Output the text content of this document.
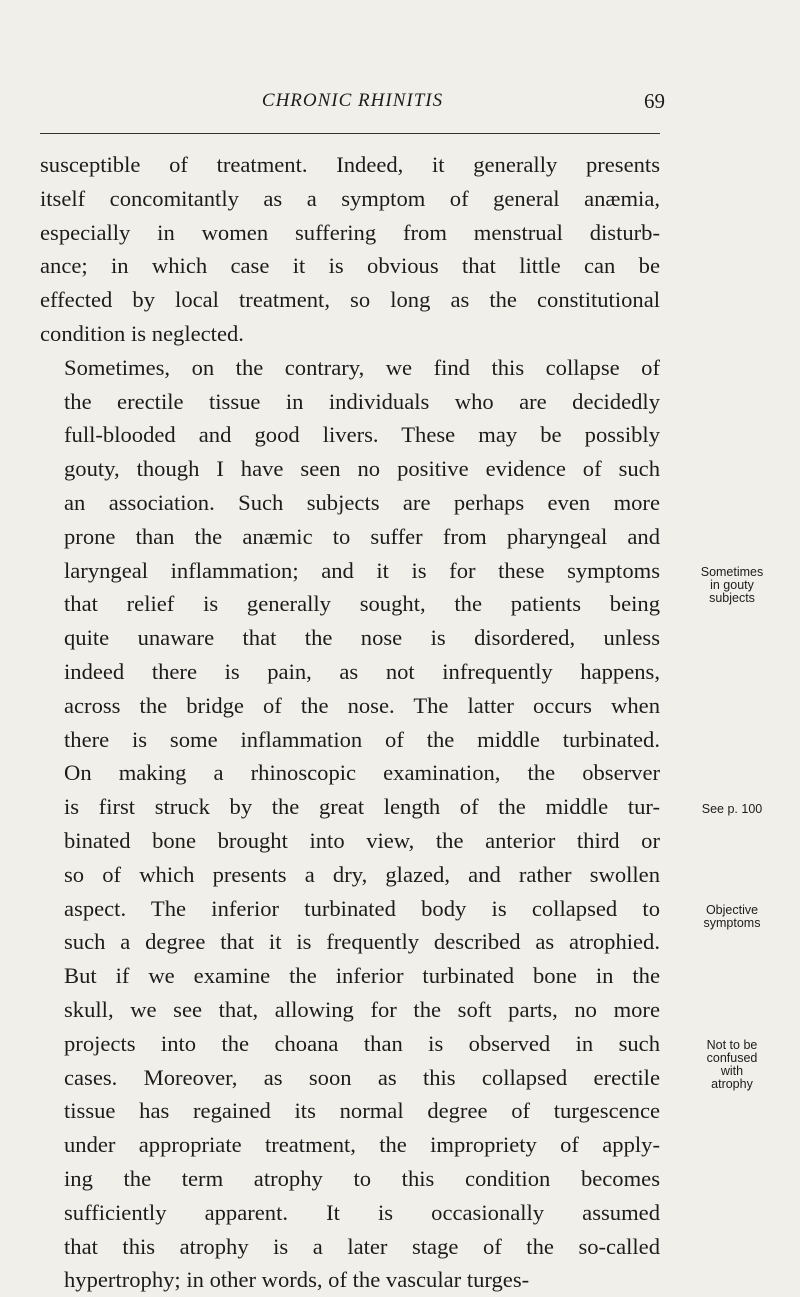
CHRONIC RHINITIS	69

susceptible of treatment. Indeed, it generally presents
itself concomitantly as a symptom of general anæmia,
especially in women suffering from menstrual disturb-
ance; in which case it is obvious that little can be
effected by local treatment, so long as the constitutional
condition is neglected.

Sometimes, on the contrary, we find this collapse of
the erectile tissue in individuals who are decidedly
full-blooded and good livers. These may be possibly
gouty, though I have seen no positive evidence of such
an association. Such subjects are perhaps even more
prone than the anæmic to suffer from pharyngeal and
laryngeal inflammation; and it is for these symptoms
that relief is generally sought, the patients being
quite unaware that the nose is disordered, unless
indeed there is pain, as not infrequently happens,
across the bridge of the nose. The latter occurs when
there is some inflammation of the middle turbinated.

On making a rhinoscopic examination, the observer
is first struck by the great length of the middle tur-
binated bone brought into view, the anterior third or
so of which presents a dry, glazed, and rather swollen
aspect. The inferior turbinated body is collapsed to
such a degree that it is frequently described as atrophied.
But if we examine the inferior turbinated bone in the
skull, we see that, allowing for the soft parts, no more
projects into the choana than is observed in such
cases. Moreover, as soon as this collapsed erectile
tissue has regained its normal degree of turgescence
under appropriate treatment, the impropriety of apply-
ing the term atrophy to this condition becomes
sufficiently apparent. It is occasionally assumed
that this atrophy is a later stage of the so-called
hypertrophy; in other words, of the vascular turges-

Sometimes
in gouty
subjects
See p. 100
Objective
symptoms
Not to be
confused
with
atrophy
